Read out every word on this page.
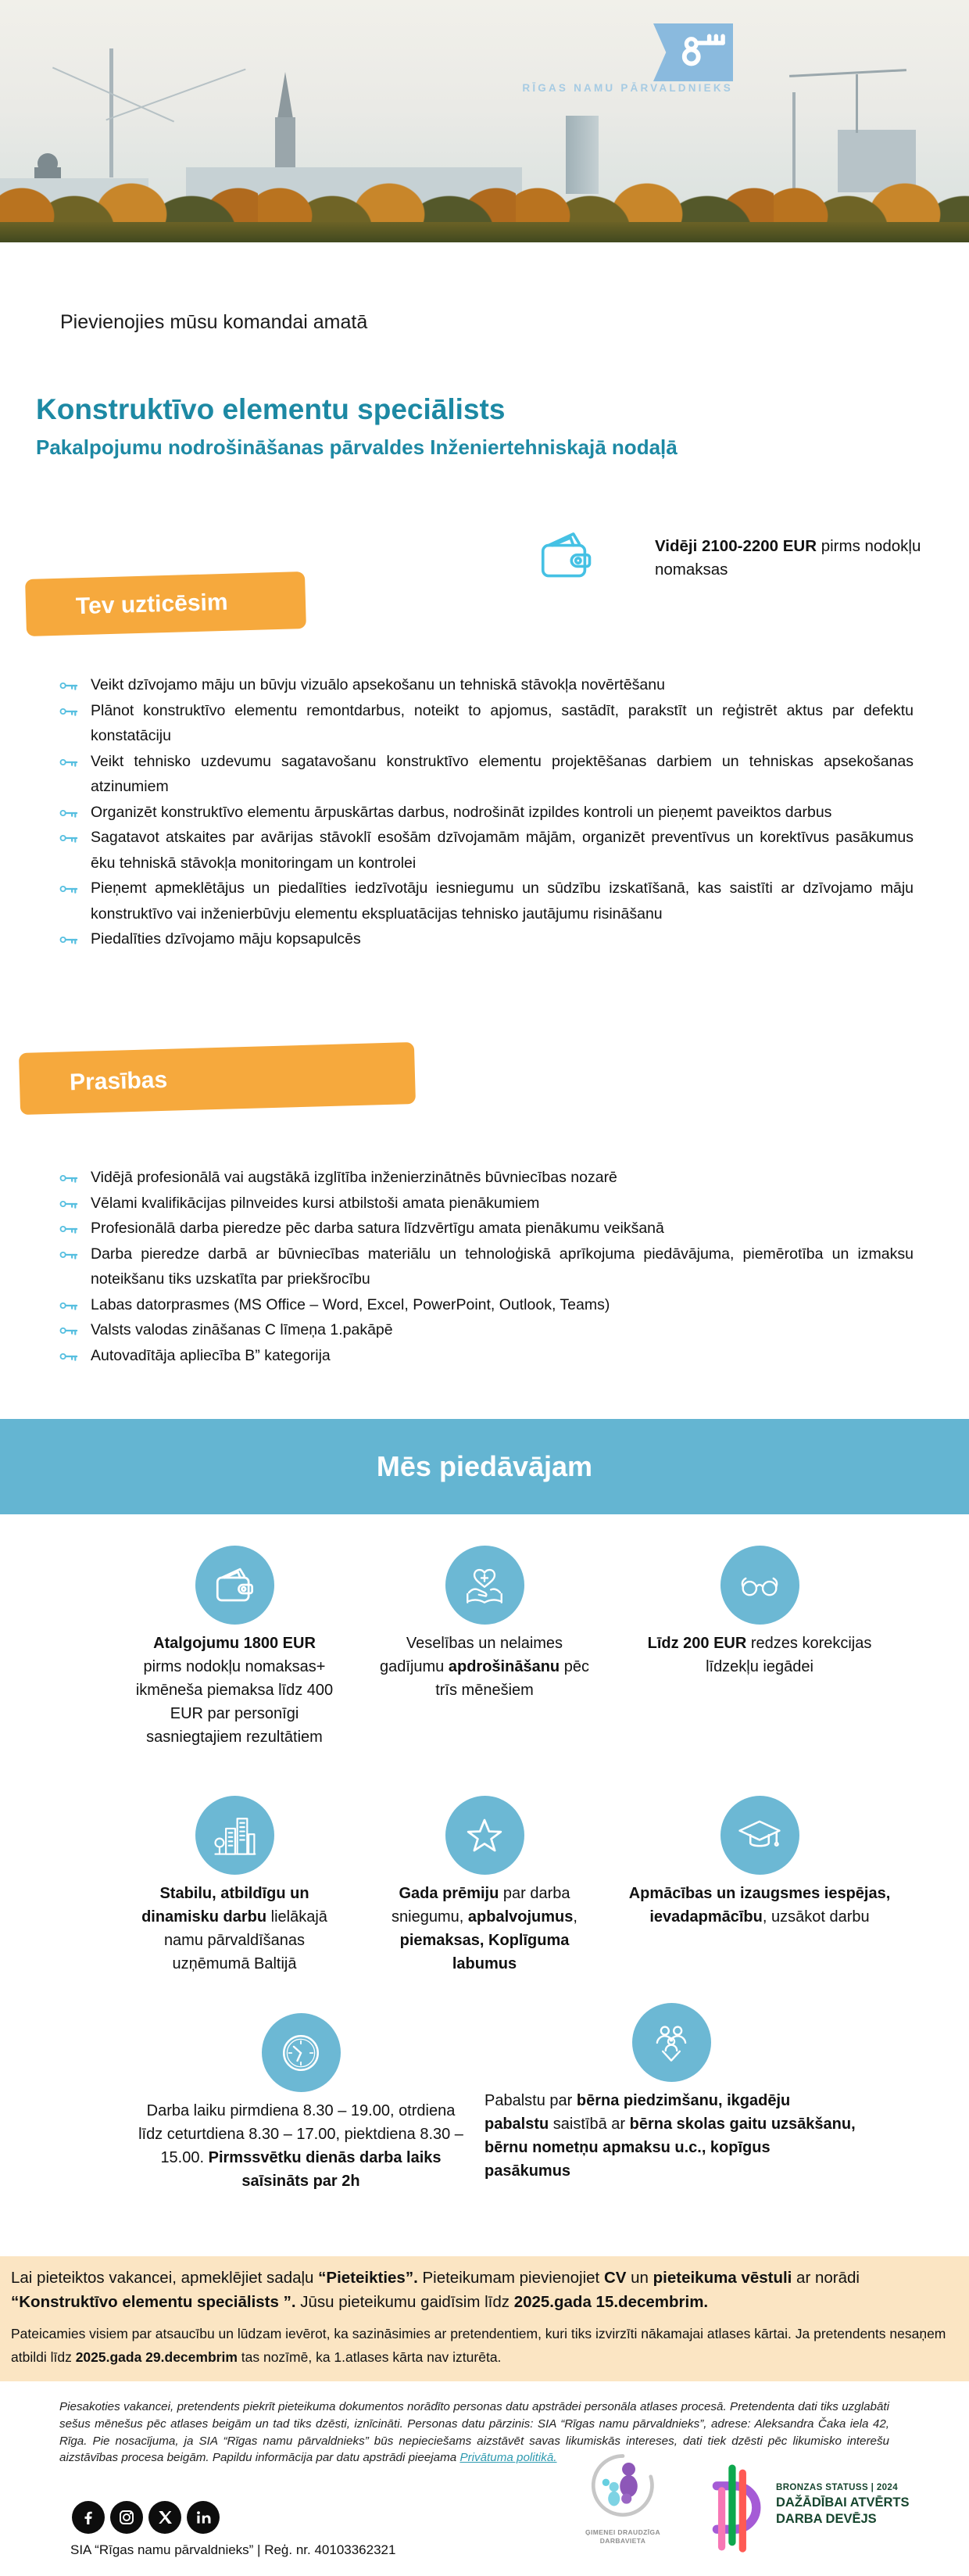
RĪGAS NAMU PĀRVALDNIEKS
Pievienojies mūsu komandai amatā
Konstruktīvo elementu speciālists
Pakalpojumu nodrošināšanas pārvaldes Inženiertehniskajā nodaļā
Vidēji 2100-2200 EUR pirms nodokļu nomaksas
Tev uzticēsim
Veikt dzīvojamo māju un būvju vizuālo apsekošanu un tehniskā stāvokļa novērtēšanu
Plānot konstruktīvo elementu remontdarbus, noteikt to apjomus, sastādīt, parakstīt un reģistrēt aktus par defektu konstatāciju
Veikt tehnisko uzdevumu sagatavošanu konstruktīvo elementu projektēšanas darbiem un tehniskas apsekošanas atzinumiem
Organizēt konstruktīvo elementu ārpuskārtas darbus, nodrošināt izpildes kontroli un pieņemt paveiktos darbus
Sagatavot atskaites par avārijas stāvoklī esošām dzīvojamām mājām, organizēt preventīvus un korektīvus pasākumus ēku tehniskā stāvokļa monitoringam un kontrolei
Pieņemt apmeklētājus un piedalīties iedzīvotāju iesniegumu un sūdzību izskatīšanā, kas saistīti ar dzīvojamo māju konstruktīvo vai inženierbūvju elementu ekspluatācijas tehnisko jautājumu risināšanu
Piedalīties dzīvojamo māju kopsapulcēs
Prasības
Vidējā profesionālā vai augstākā izglītība inženierzinātnēs būvniecības nozarē
Vēlami kvalifikācijas pilnveides kursi atbilstoši amata pienākumiem
Profesionālā darba pieredze pēc darba satura līdzvērtīgu amata pienākumu veikšanā
Darba pieredze darbā ar būvniecības materiālu un tehnoloģiskā aprīkojuma piedāvājuma, piemērotība un izmaksu noteikšanu tiks uzskatīta par priekšrocību
Labas datorprasmes (MS Office – Word, Excel, PowerPoint, Outlook, Teams)
Valsts valodas zināšanas C līmeņa 1.pakāpē
Autovadītāja apliecība B” kategorija
Mēs piedāvājam
Atalgojumu 1800 EUR pirms nodokļu nomaksas+ ikmēneša piemaksa līdz 400 EUR par personīgi sasniegtajiem rezultātiem
Veselības un nelaimes gadījumu apdrošināšanu pēc trīs mēnešiem
Līdz 200 EUR redzes korekcijas līdzekļu iegādei
Stabilu, atbildīgu un dinamisku darbu lielākajā namu pārvaldīšanas uzņēmumā Baltijā
Gada prēmiju par darba sniegumu, apbalvojumus, piemaksas, Koplīguma labumus
Apmācības un izaugsmes iespējas, ievadapmācību, uzsākot darbu
Darba laiku pirmdiena 8.30 – 19.00, otrdiena līdz ceturtdiena 8.30 – 17.00, piektdiena 8.30 – 15.00. Pirmssvētku dienās darba laiks saīsināts par 2h
Pabalstu par bērna piedzimšanu, ikgadēju pabalstu saistībā ar bērna skolas gaitu uzsākšanu, bērnu nometņu apmaksu u.c., kopīgus pasākumus

Lai pieteiktos vakancei, apmeklējiet sadaļu “Pieteikties”. Pieteikumam pievienojiet CV un pieteikuma vēstuli ar norādi “Konstruktīvo elementu speciālists ”. Jūsu pieteikumu gaidīsim līdz 2025.gada 15.decembrim.

Pateicamies visiem par atsaucību un lūdzam ievērot, ka sazināsimies ar pretendentiem, kuri tiks izvirzīti nākamajai atlases kārtai. Ja pretendents nesaņem atbildi līdz 2025.gada 29.decembrim tas nozīmē, ka 1.atlases kārta nav izturēta.

Piesakoties vakancei, pretendents piekrīt pieteikuma dokumentos norādīto personas datu apstrādei personāla atlases procesā. Pretendenta dati tiks uzglabāti sešus mēnešus pēc atlases beigām un tad tiks dzēsti, iznīcināti. Personas datu pārzinis: SIA “Rīgas namu pārvaldnieks”, adrese: Aleksandra Čaka iela 42, Rīga. Pie nosacījuma, ja SIA “Rīgas namu pārvaldnieks” būs nepieciešams aizstāvēt savas likumiskās intereses, dati tiek dzēsti pēc likumisko interešu aizstāvības procesa beigām. Papildu informācija par datu apstrādi pieejama Privātuma politikā.
SIA “Rīgas namu pārvaldnieks” | Reģ. nr. 40103362321
ĢIMENEI DRAUDZĪGA
DARBAVIETA
BRONZAS STATUSS | 2024
DAŽĀDĪBAI ATVĒRTS
DARBA DEVĒJS
